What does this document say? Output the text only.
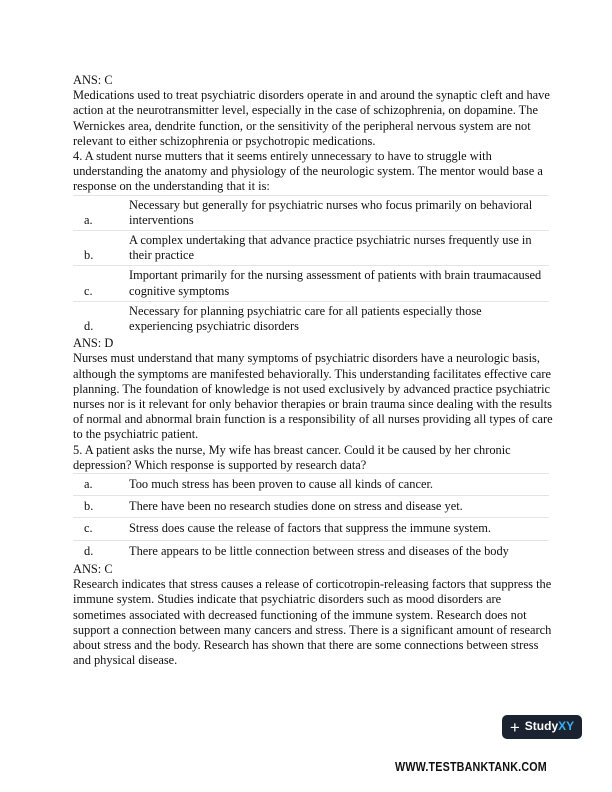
ANS: C

Medications used to treat psychiatric disorders operate in and around the synaptic cleft and have action at the neurotransmitter level, especially in the case of schizophrenia, on dopamine. The Wernickes area, dendrite function, or the sensitivity of the peripheral nervous system are not relevant to either schizophrenia or psychotropic medications.

4. A student nurse mutters that it seems entirely unnecessary to have to struggle with understanding the anatomy and physiology of the neurologic system. The mentor would base a response on the understanding that it is:

a.	Necessary but generally for psychiatric nurses who focus primarily on behavioral interventions
b.	A complex undertaking that advance practice psychiatric nurses frequently use in their practice
c.	Important primarily for the nursing assessment of patients with brain traumacaused cognitive symptoms
d.	Necessary for planning psychiatric care for all patients especially those experiencing psychiatric disorders

ANS: D

Nurses must understand that many symptoms of psychiatric disorders have a neurologic basis, although the symptoms are manifested behaviorally. This understanding facilitates effective care planning. The foundation of knowledge is not used exclusively by advanced practice psychiatric nurses nor is it relevant for only behavior therapies or brain trauma since dealing with the results of normal and abnormal brain function is a responsibility of all nurses providing all types of care to the psychiatric patient.

5. A patient asks the nurse, My wife has breast cancer. Could it be caused by her chronic depression? Which response is supported by research data?

a.	Too much stress has been proven to cause all kinds of cancer.
b.	There have been no research studies done on stress and disease yet.
c.	Stress does cause the release of factors that suppress the immune system.
d.	There appears to be little connection between stress and diseases of the body

ANS: C

Research indicates that stress causes a release of corticotropin-releasing factors that suppress the immune system. Studies indicate that psychiatric disorders such as mood disorders are sometimes associated with decreased functioning of the immune system. Research does not support a connection between many cancers and stress. There is a significant amount of research about stress and the body. Research has shown that there are some connections between stress and physical disease.

+ Study XY
WWW.TESTBANKTANK.COM
